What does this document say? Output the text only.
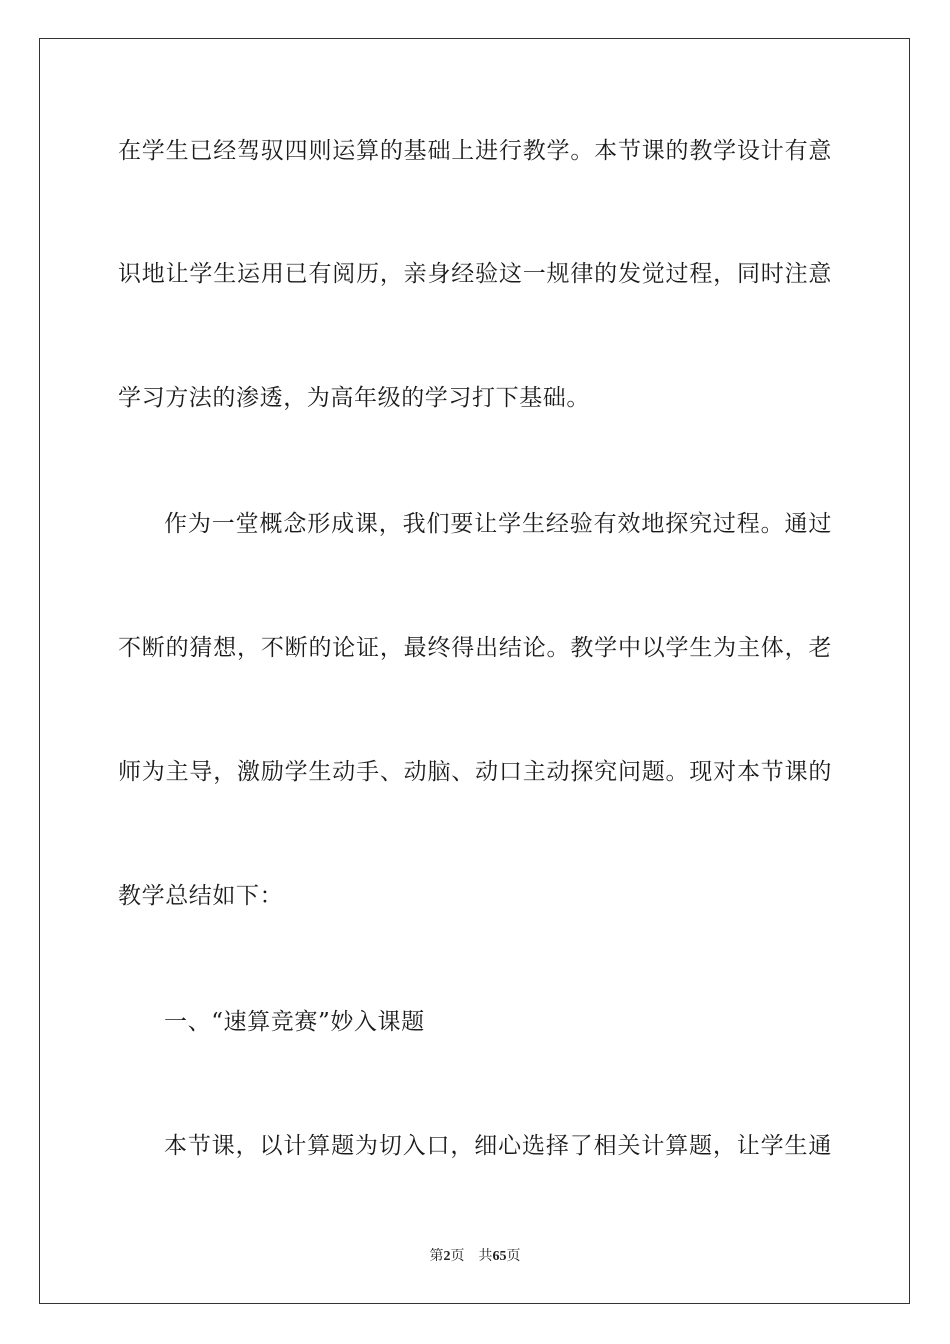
在学生已经驾驭四则运算的基础上进行教学。本节课的教学设计有意
识地让学生运用已有阅历，亲身经验这一规律的发觉过程，同时注意
学习方法的渗透，为高年级的学习打下基础。
作为一堂概念形成课，我们要让学生经验有效地探究过程。通过
不断的猜想，不断的论证，最终得出结论。教学中以学生为主体，老
师为主导，激励学生动手、动脑、动口主动探究问题。现对本节课的
教学总结如下：
一、“速算竞赛”妙入课题
本节课，以计算题为切入口，细心选择了相关计算题，让学生通
第2页 共65页
